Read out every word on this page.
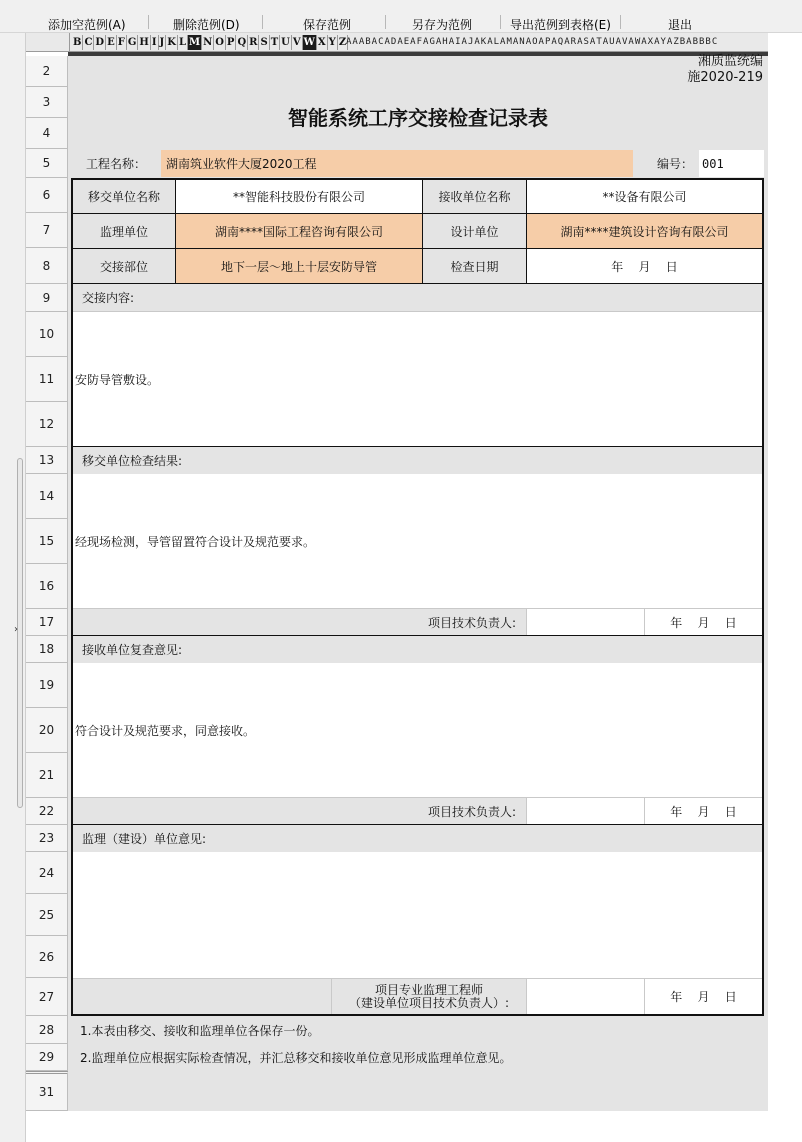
添加空范例(A)	删除范例(D)	保存范例	另存为范例	导出范例到表格(E)	退出
›
B C D E F G H I J K L M N O P Q R S T U V W X Y Z AAABACADAEAFAGAHAIAJAKALAMANAOAPAQARASATAUAVAWAXAYAZBABBBC
2
3
4
5
6
7
8
9
10
11
12
13
14
15
16
17
18
19
20
21
22
23
24
25
26
27
28
29
31
湘质监统编
施2020-219
智能系统工序交接检查记录表
工程名称：	湖南筑业软件大厦2020工程	编号： 001
移交单位名称	**智能科技股份有限公司	接收单位名称	**设备有限公司
监理单位	湖南****国际工程咨询有限公司	设计单位	湖南****建筑设计咨询有限公司
交接部位	地下一层～地上十层安防导管	检查日期	年    月    日
交接内容:
安防导管敷设。
移交单位检查结果:
经现场检测，导管留置符合设计及规范要求。
项目技术负责人:	年    月    日
接收单位复查意见:
符合设计及规范要求，同意接收。
项目技术负责人:	年    月    日
监理（建设）单位意见:
项目专业监理工程师
（建设单位项目技术负责人）:	年    月    日
1.本表由移交、接收和监理单位各保存一份。
2.监理单位应根据实际检查情况，并汇总移交和接收单位意见形成监理单位意见。
